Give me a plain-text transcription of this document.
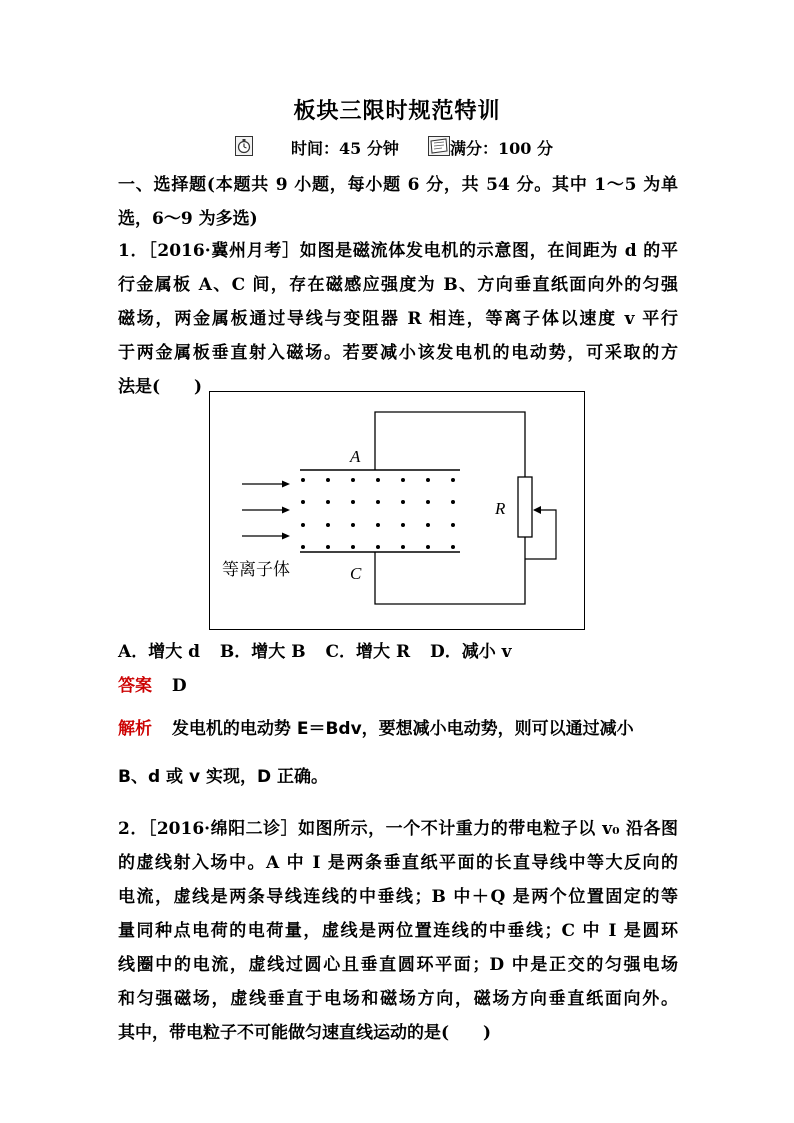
板块三限时规范特训
时间：45 分钟	满分：100 分
一、选择题(本题共 9 小题，每小题 6 分，共 54 分。其中 1～5 为单
选，6～9 为多选)
1．［2016·冀州月考］如图是磁流体发电机的示意图，在间距为 d 的平
行金属板 A、C 间，存在磁感应强度为 B、方向垂直纸面向外的匀强
磁场，两金属板通过导线与变阻器 R 相连，等离子体以速度 v 平行
于两金属板垂直射入磁场。若要减小该发电机的电动势，可采取的方
法是(　　)
A
C
R
等离子体
A．增大 d B．增大 B C．增大 R D．减小 v
答案 D
解析 发电机的电动势 E＝Bdv，要想减小电动势，则可以通过减小
B、d 或 v 实现，D 正确。
2．［2016·绵阳二诊］如图所示，一个不计重力的带电粒子以 v₀ 沿各图
的虚线射入场中。A 中 I 是两条垂直纸平面的长直导线中等大反向的
电流，虚线是两条导线连线的中垂线；B 中＋Q 是两个位置固定的等
量同种点电荷的电荷量，虚线是两位置连线的中垂线；C 中 I 是圆环
线圈中的电流，虚线过圆心且垂直圆环平面；D 中是正交的匀强电场
和匀强磁场，虚线垂直于电场和磁场方向，磁场方向垂直纸面向外。
其中，带电粒子不可能做匀速直线运动的是(　　)
